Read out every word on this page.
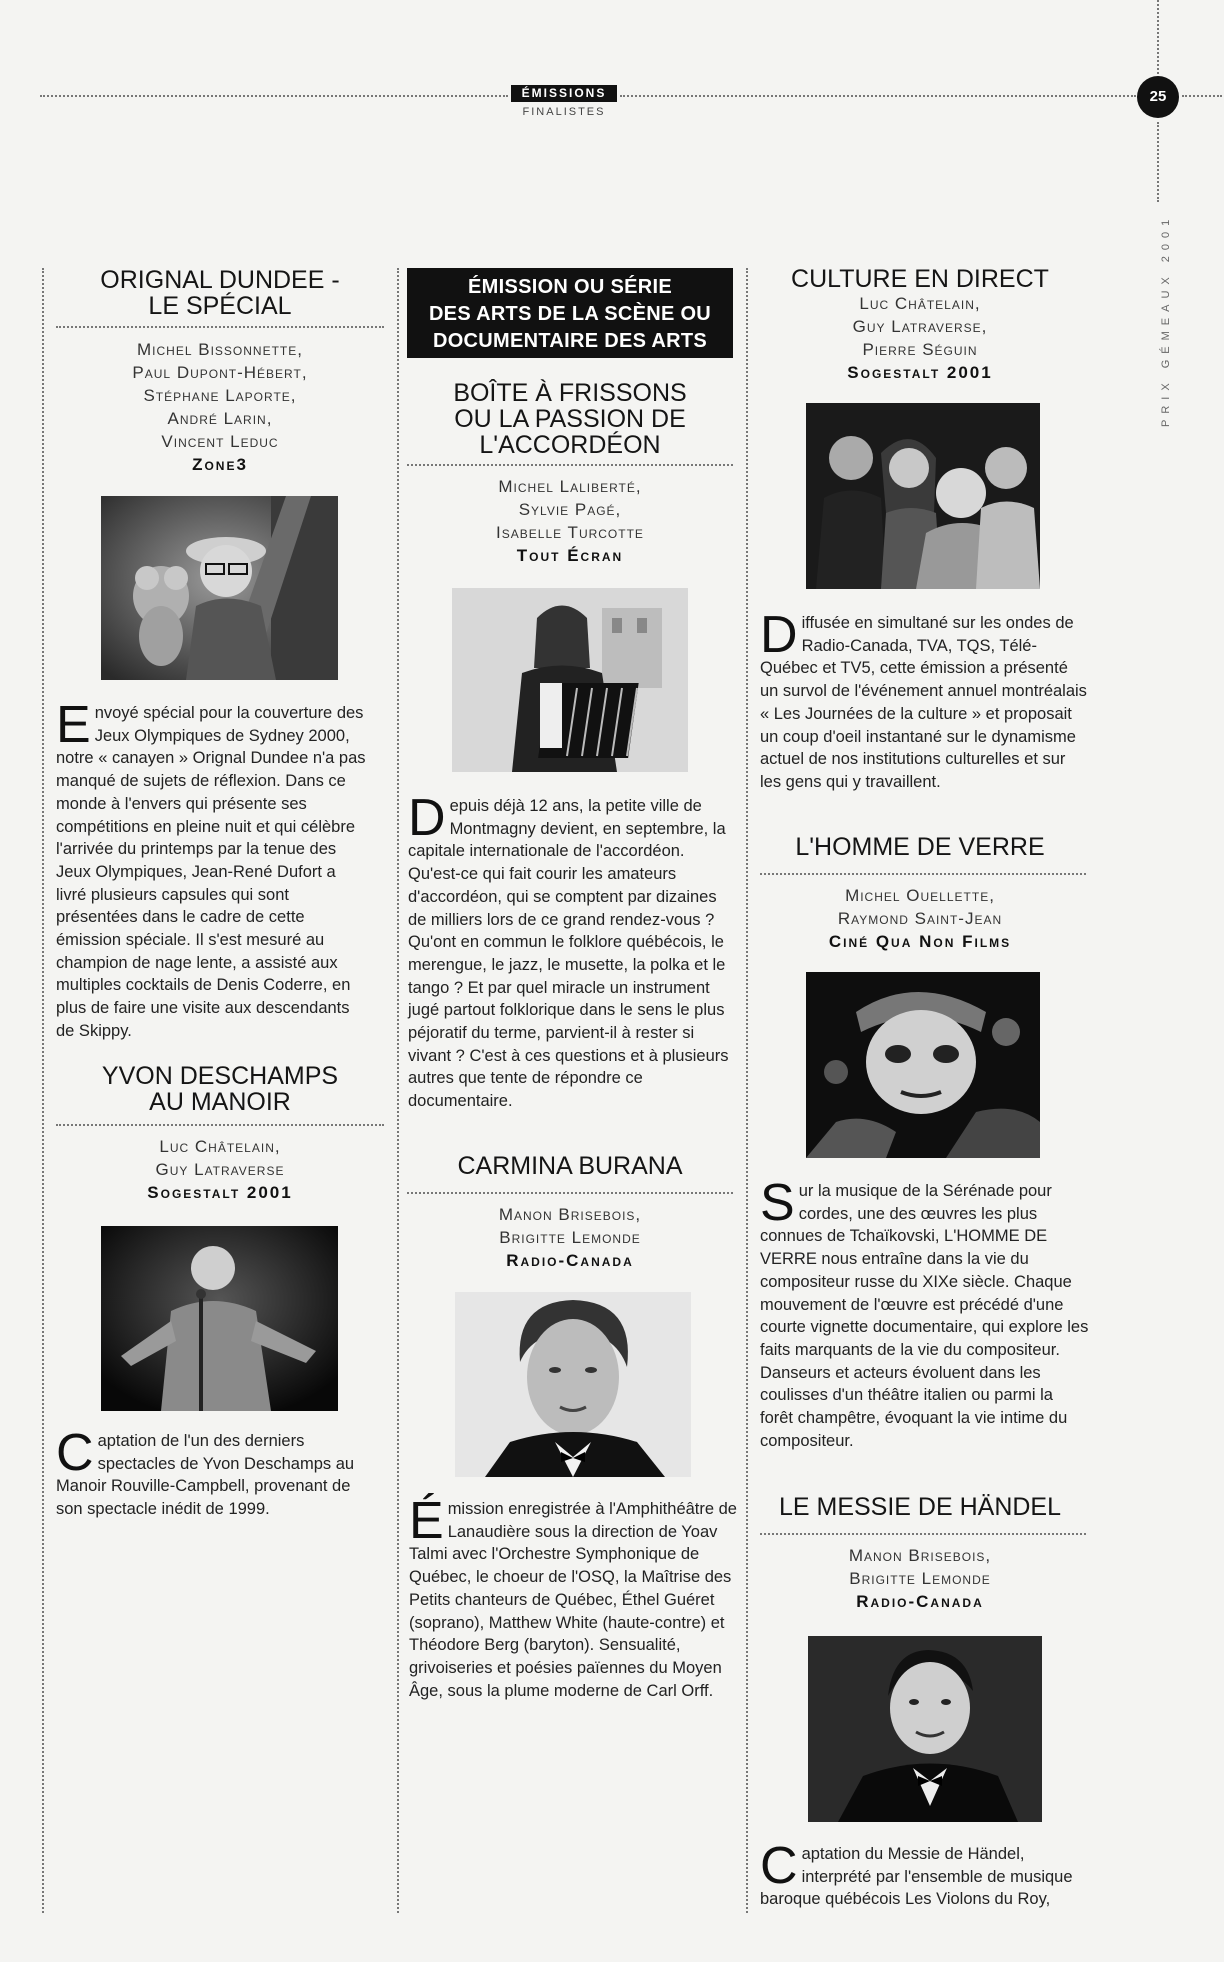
ÉMISSIONS
FINALISTES
25
PRIX GÉMEAUX 2001
ORIGNAL DUNDEE -
LE SPÉCIAL
Michel Bissonnette,
Paul Dupont-Hébert,
Stéphane Laporte,
André Larin,
Vincent Leduc
Zone3

Envoyé spécial pour la couverture des Jeux Olympiques de Sydney 2000, notre « canayen » Orignal Dundee n'a pas manqué de sujets de réflexion. Dans ce monde à l'envers qui présente ses compétitions en pleine nuit et qui célèbre l'arrivée du printemps par la tenue des Jeux Olympiques, Jean-René Dufort a livré plusieurs capsules qui sont présentées dans le cadre de cette émission spéciale. Il s'est mesuré au champion de nage lente, a assisté aux multiples cocktails de Denis Coderre, en plus de faire une visite aux descendants de Skippy.

YVON DESCHAMPS
AU MANOIR
Luc Châtelain,
Guy Latraverse
Sogestalt 2001

Captation de l'un des derniers spectacles de Yvon Deschamps au Manoir Rouville-Campbell, provenant de son spectacle inédit de 1999.

ÉMISSION OU SÉRIE
DES ARTS DE LA SCÈNE OU
DOCUMENTAIRE DES ARTS
BOÎTE À FRISSONS
OU LA PASSION DE
L'ACCORDÉON
Michel Laliberté,
Sylvie Pagé,
Isabelle Turcotte
Tout Écran

Depuis déjà 12 ans, la petite ville de Montmagny devient, en septembre, la capitale internationale de l'accordéon. Qu'est-ce qui fait courir les amateurs d'accordéon, qui se comptent par dizaines de milliers lors de ce grand rendez-vous ? Qu'ont en commun le folklore québécois, le merengue, le jazz, le musette, la polka et le tango ? Et par quel miracle un instrument jugé partout folklorique dans le sens le plus péjoratif du terme, parvient-il à rester si vivant ? C'est à ces questions et à plusieurs autres que tente de répondre ce documentaire.

CARMINA BURANA
Manon Brisebois,
Brigitte Lemonde
Radio-Canada

Émission enregistrée à l'Amphithéâtre de Lanaudière sous la direction de Yoav Talmi avec l'Orchestre Symphonique de Québec, le choeur de l'OSQ, la Maîtrise des Petits chanteurs de Québec, Éthel Guéret (soprano), Matthew White (haute-contre) et Théodore Berg (baryton). Sensualité, grivoiseries et poésies païennes du Moyen Âge, sous la plume moderne de Carl Orff.

CULTURE EN DIRECT
Luc Châtelain,
Guy Latraverse,
Pierre Séguin
Sogestalt 2001

Diffusée en simultané sur les ondes de Radio-Canada, TVA, TQS, Télé-Québec et TV5, cette émission a présenté un survol de l'événement annuel montréalais « Les Journées de la culture » et proposait un coup d'oeil instantané sur le dynamisme actuel de nos institutions culturelles et sur les gens qui y travaillent.

L'HOMME DE VERRE
Michel Ouellette,
Raymond Saint-Jean
Ciné Qua Non Films

Sur la musique de la Sérénade pour cordes, une des œuvres les plus connues de Tchaïkovski, L'HOMME DE VERRE nous entraîne dans la vie du compositeur russe du XIXe siècle. Chaque mouvement de l'œuvre est précédé d'une courte vignette documentaire, qui explore les faits marquants de la vie du compositeur. Danseurs et acteurs évoluent dans les coulisses d'un théâtre italien ou parmi la forêt champêtre, évoquant la vie intime du compositeur.

LE MESSIE DE HÄNDEL
Manon Brisebois,
Brigitte Lemonde
Radio-Canada

Captation du Messie de Händel, interprété par l'ensemble de musique baroque québécois Les Violons du Roy,
